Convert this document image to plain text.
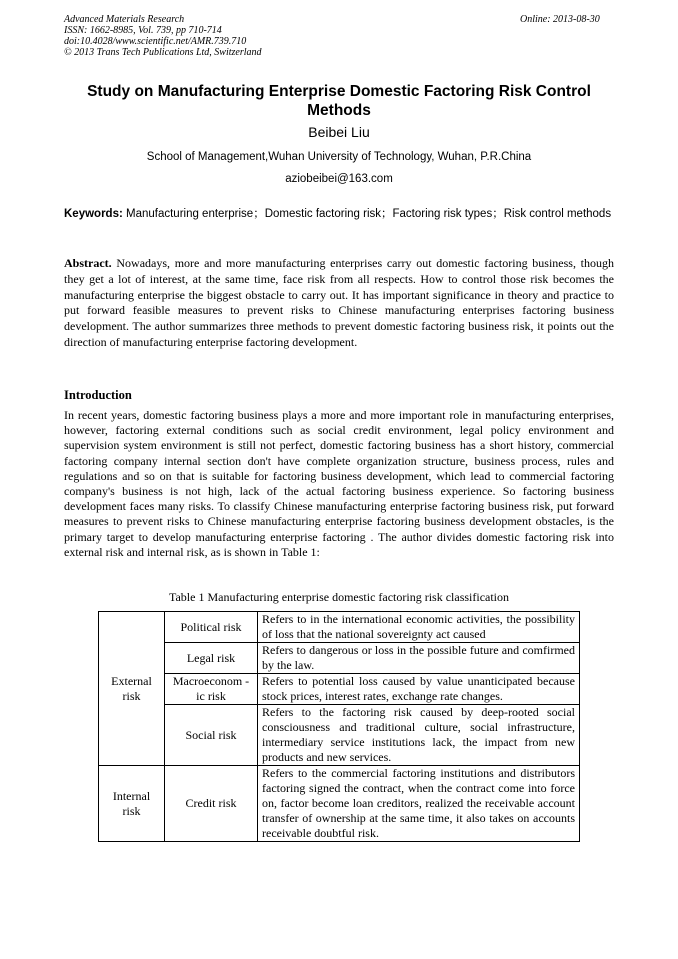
Advanced Materials Research
ISSN: 1662-8985, Vol. 739, pp 710-714
doi:10.4028/www.scientific.net/AMR.739.710
© 2013 Trans Tech Publications Ltd, Switzerland
Online: 2013-08-30
Study on Manufacturing Enterprise Domestic Factoring Risk Control Methods
Beibei Liu
School of Management,Wuhan University of Technology, Wuhan, P.R.China
aziobeibei@163.com
Keywords: Manufacturing enterprise；Domestic factoring risk；Factoring risk types；Risk control methods
Abstract. Nowadays, more and more manufacturing enterprises carry out domestic factoring business, though they get a lot of interest, at the same time, face risk from all respects. How to control those risk becomes the manufacturing enterprise the biggest obstacle to carry out. It has important significance in theory and practice to put forward feasible measures to prevent risks to Chinese manufacturing enterprises factoring business development. The author summarizes three methods to prevent domestic factoring business risk, it points out the direction of manufacturing enterprise factoring development.
Introduction
In recent years, domestic factoring business plays a more and more important role in manufacturing enterprises, however, factoring external conditions such as social credit environment, legal policy environment and supervision system environment is still not perfect, domestic factoring business has a short history, commercial factoring company internal section don't have complete organization structure, business process, rules and regulations and so on that is suitable for factoring business development, which lead to commercial factoring company's business is not high, lack of the actual factoring business experience. So factoring business development faces many risks. To classify Chinese manufacturing enterprise factoring business risk, put forward measures to prevent risks to Chinese manufacturing enterprise factoring business development obstacles, is the primary target to develop manufacturing enterprise factoring . The author divides domestic factoring risk into external risk and internal risk, as is shown in Table 1:
Table 1 Manufacturing enterprise domestic factoring risk classification
External risk	Political risk	Refers to in the international economic activities, the possibility of loss that the national sovereignty act caused
	Legal risk	Refers to dangerous or loss in the possible future and comfirmed by the law.
	Macroeconom -ic risk	Refers to potential loss caused by value unanticipated because stock prices, interest rates, exchange rate changes.
	Social risk	Refers to the factoring risk caused by deep-rooted social consciousness and traditional culture, social infrastructure, intermediary service institutions lack, the impact from new products and new services.
Internal risk	Credit risk	Refers to the commercial factoring institutions and distributors factoring signed the contract, when the contract come into force on, factor become loan creditors, realized the receivable account transfer of ownership at the same time, it also takes on accounts receivable doubtful risk.
